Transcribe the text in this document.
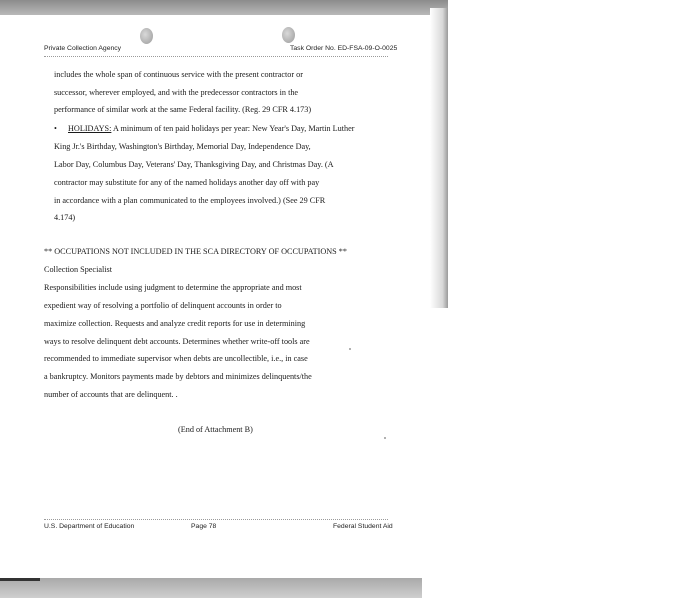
Private Collection Agency	Task Order No. ED-FSA-09-O-0025
includes the whole span of continuous service with the present contractor or
successor, wherever employed, and with the predecessor contractors in the
performance of similar work at the same Federal facility. (Reg. 29 CFR 4.173)
• HOLIDAYS: A minimum of ten paid holidays per year: New Year's Day, Martin Luther
King Jr.'s Birthday, Washington's Birthday, Memorial Day, Independence Day,
Labor Day, Columbus Day, Veterans' Day, Thanksgiving Day, and Christmas Day. (A
contractor may substitute for any of the named holidays another day off with pay
in accordance with a plan communicated to the employees involved.) (See 29 CFR
4.174)
** OCCUPATIONS NOT INCLUDED IN THE SCA DIRECTORY OF OCCUPATIONS **
Collection Specialist
Responsibilities include using judgment to determine the appropriate and most
expedient way of resolving a portfolio of delinquent accounts in order to
maximize collection. Requests and analyze credit reports for use in determining
ways to resolve delinquent debt accounts. Determines whether write-off tools are
recommended to immediate supervisor when debts are uncollectible, i.e., in case
a bankruptcy. Monitors payments made by debtors and minimizes delinquents/the
number of accounts that are delinquent. .
(End of Attachment B)
U.S. Department of Education	Page 78	Federal Student Aid
